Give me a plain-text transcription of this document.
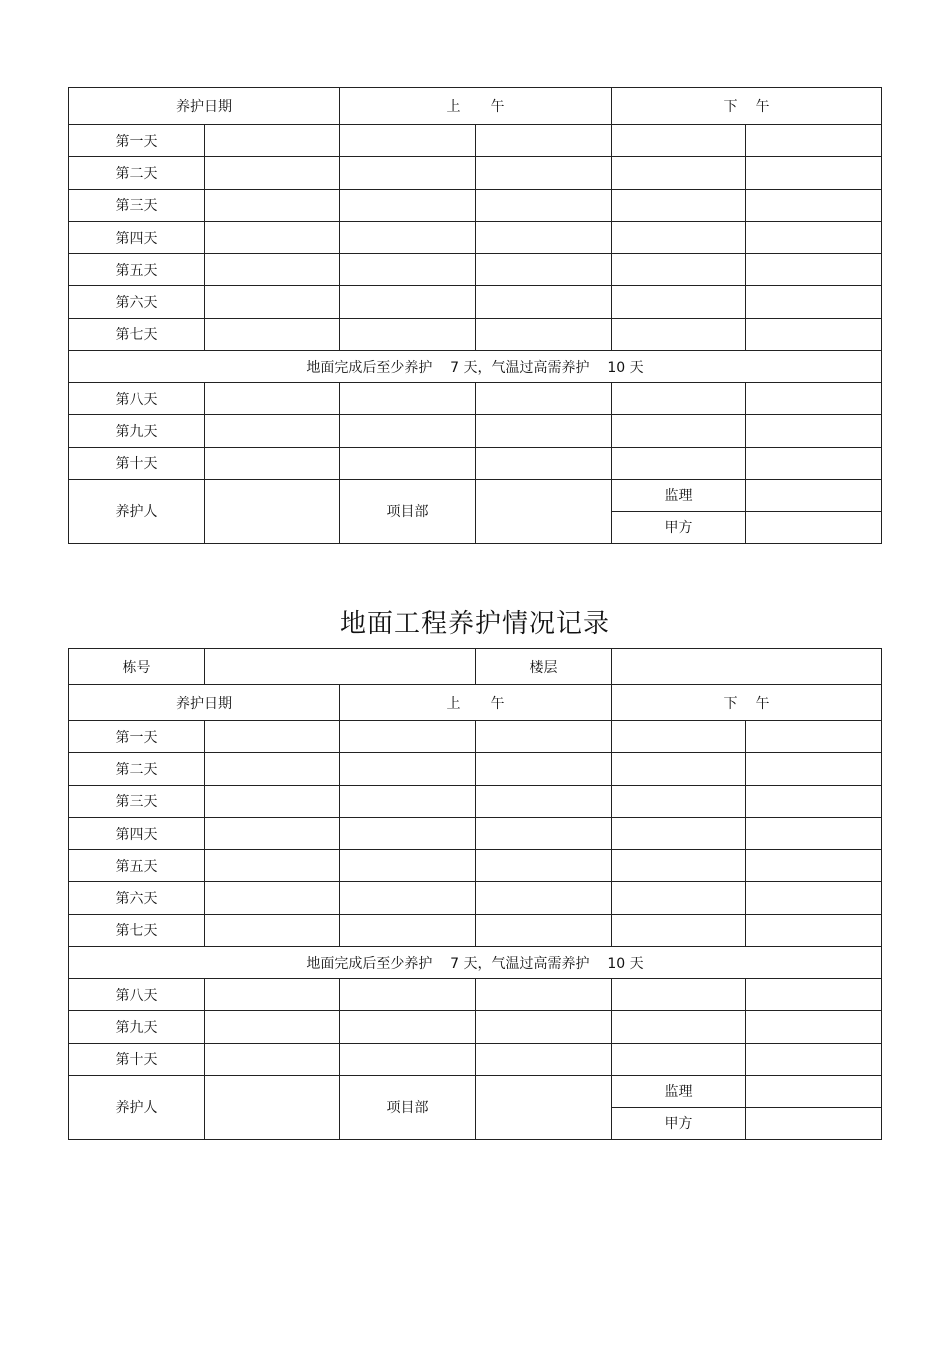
养护日期		上 午		下 午	
第一天					
第二天					
第三天					
第四天					
第五天					
第六天					
第七天					
地面完成后至少养护 7 天，气温过高需养护 10 天					
第八天					
第九天					
第十天					
养护人		项目部		监理	
				甲方	
地面工程养护情况记录
栋号			楼层		
养护日期		上 午		下 午	
第一天					
第二天					
第三天					
第四天					
第五天					
第六天					
第七天					
地面完成后至少养护 7 天，气温过高需养护 10 天					
第八天					
第九天					
第十天					
养护人		项目部		监理	
				甲方	
